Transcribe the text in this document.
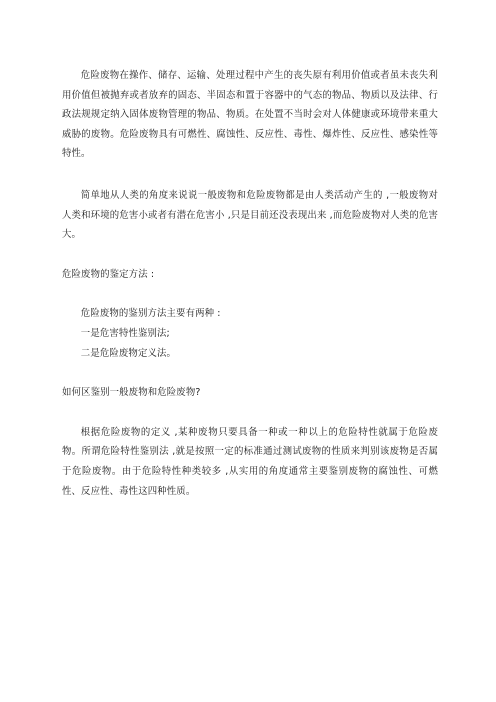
危险废物在操作、储存、运输、处理过程中产生的丧失原有利用价值或者虽未丧失利用价值但被抛弃或者放弃的固态、半固态和置于容器中的气态的物品、物质以及法律、行政法规规定纳入固体废物管理的物品、物质。在处置不当时会对人体健康或环境带来重大威胁的废物。危险废物具有可燃性、腐蚀性、反应性、毒性、爆炸性、反应性、感染性等特性。

简单地从人类的角度来说说一般废物和危险废物都是由人类活动产生的 ,一般废物对人类和环境的危害小或者有潜在危害小 ,只是目前还没表现出来 ,而危险废物对人类的危害大。

危险废物的鉴定方法 :

危险废物的鉴别方法主要有两种 :

一是危害特性鉴别法;

二是危险废物定义法。

如何区鉴别一般废物和危险废物?

根据危险废物的定义 ,某种废物只要具备一种或一种以上的危险特性就属于危险废物。所谓危险特性鉴别法 ,就是按照一定的标准通过测试废物的性质来判别该废物是否属于危险废物。由于危险特性种类较多 ,从实用的角度通常主要鉴别废物的腐蚀性、可燃性、反应性、毒性这四种性质。
